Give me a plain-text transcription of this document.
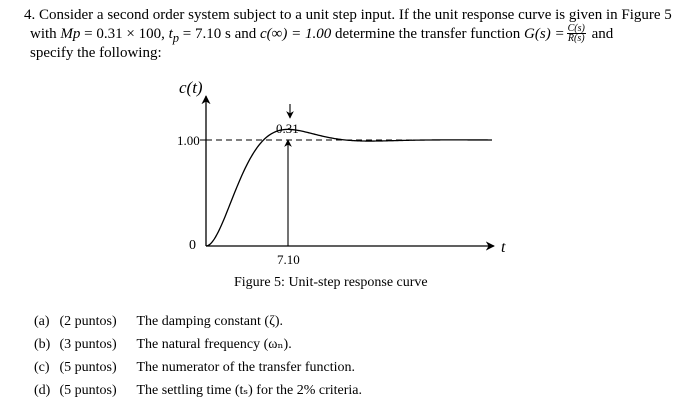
4. Consider a second order system subject to a unit step input. If the unit response curve is given in Figure 5
with Mp = 0.31 × 100, $t_p = 7.10$ s and c(∞) = 1.00 determine the transfer function $G(s) = \frac{C(s)}{R(s)}$ and
specify the following:
c(t)
t
1.00
0
0.31
7.10
Figure 5: Unit-step response curve
(a) (2 puntos) The damping constant (ζ).
(b) (3 puntos) The natural frequency (ωₙ).
(c) (5 puntos) The numerator of the transfer function.
(d) (5 puntos) The settling time (tₛ) for the 2% criteria.
